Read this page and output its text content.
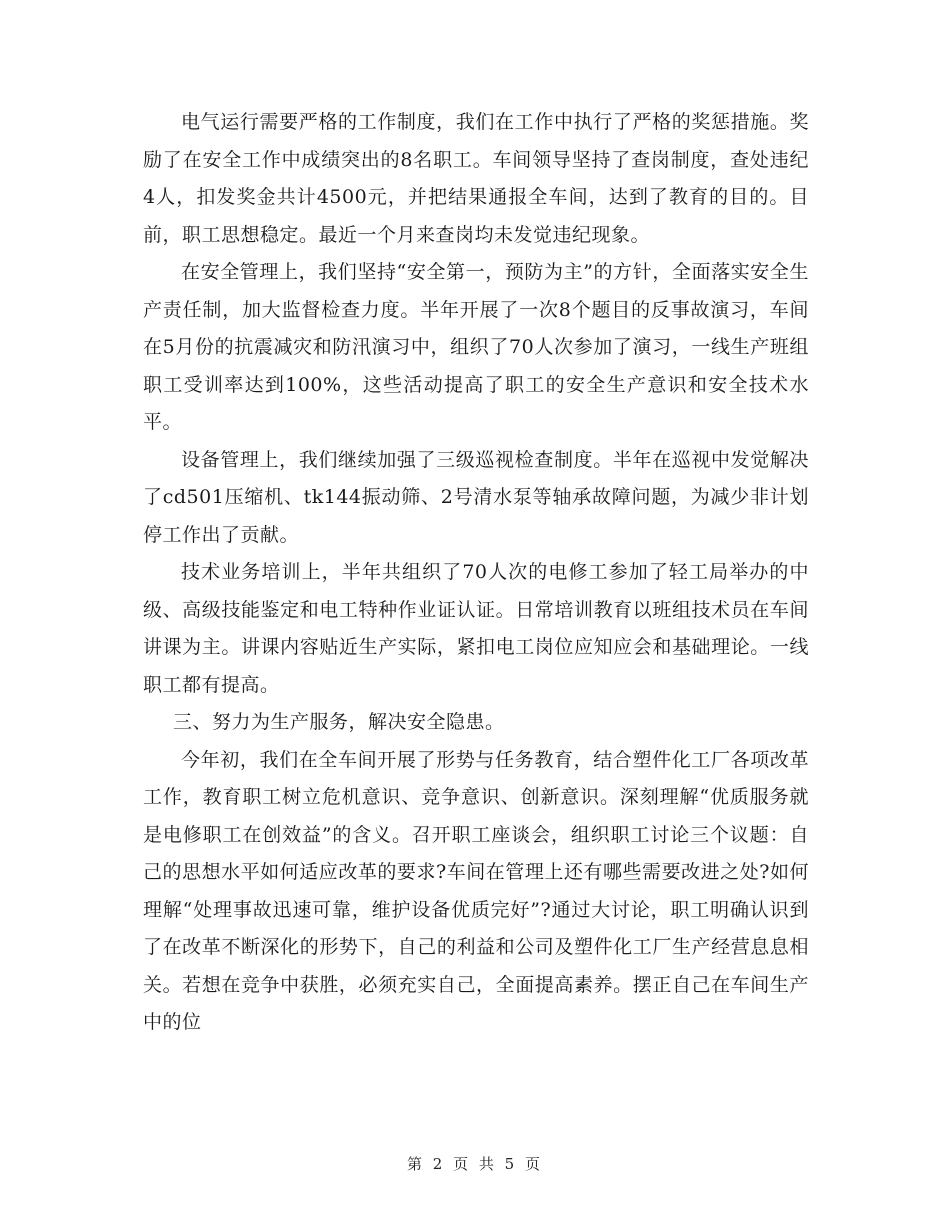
电气运行需要严格的工作制度，我们在工作中执行了严格的奖惩措施。奖励了在安全工作中成绩突出的8名职工。车间领导坚持了查岗制度，查处违纪4人，扣发奖金共计4500元，并把结果通报全车间，达到了教育的目的。目前，职工思想稳定。最近一个月来查岗均未发觉违纪现象。

在安全管理上，我们坚持“安全第一，预防为主”的方针，全面落实安全生产责任制，加大监督检查力度。半年开展了一次8个题目的反事故演习，车间在5月份的抗震减灾和防汛演习中，组织了70人次参加了演习，一线生产班组职工受训率达到100%，这些活动提高了职工的安全生产意识和安全技术水平。

设备管理上，我们继续加强了三级巡视检查制度。半年在巡视中发觉解决了cd501压缩机、tk144振动筛、2号清水泵等轴承故障问题，为减少非计划停工作出了贡献。

技术业务培训上，半年共组织了70人次的电修工参加了轻工局举办的中级、高级技能鉴定和电工特种作业证认证。日常培训教育以班组技术员在车间讲课为主。讲课内容贴近生产实际，紧扣电工岗位应知应会和基础理论。一线职工都有提高。

三、努力为生产服务，解决安全隐患。

今年初，我们在全车间开展了形势与任务教育，结合塑件化工厂各项改革工作，教育职工树立危机意识、竞争意识、创新意识。深刻理解“优质服务就是电修职工在创效益”的含义。召开职工座谈会，组织职工讨论三个议题：自己的思想水平如何适应改革的要求?车间在管理上还有哪些需要改进之处?如何理解“处理事故迅速可靠，维护设备优质完好”?通过大讨论，职工明确认识到了在改革不断深化的形势下，自己的利益和公司及塑件化工厂生产经营息息相关。若想在竞争中获胜，必须充实自己，全面提高素养。摆正自己在车间生产中的位

第 2 页 共 5 页
